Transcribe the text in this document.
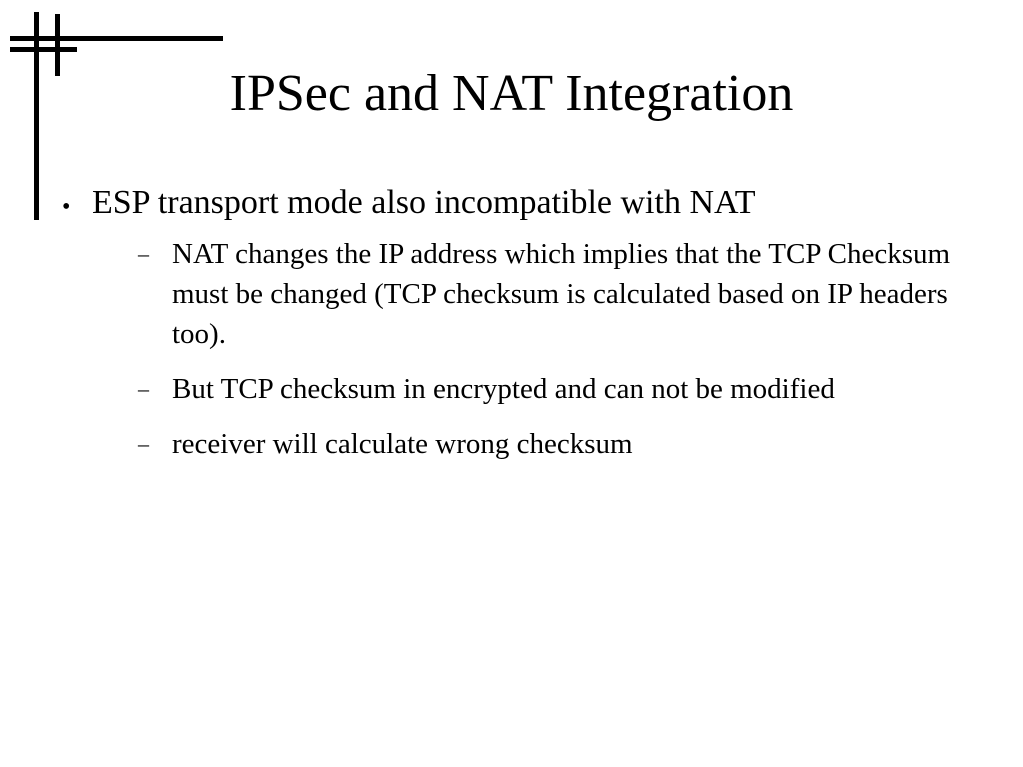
IPSec and NAT Integration
• ESP transport mode also incompatible with NAT
– NAT changes the IP address which implies that the TCP Checksum must be changed (TCP checksum is calculated based on IP headers too).
– But TCP checksum in encrypted and can not be modified
– receiver will calculate wrong checksum
